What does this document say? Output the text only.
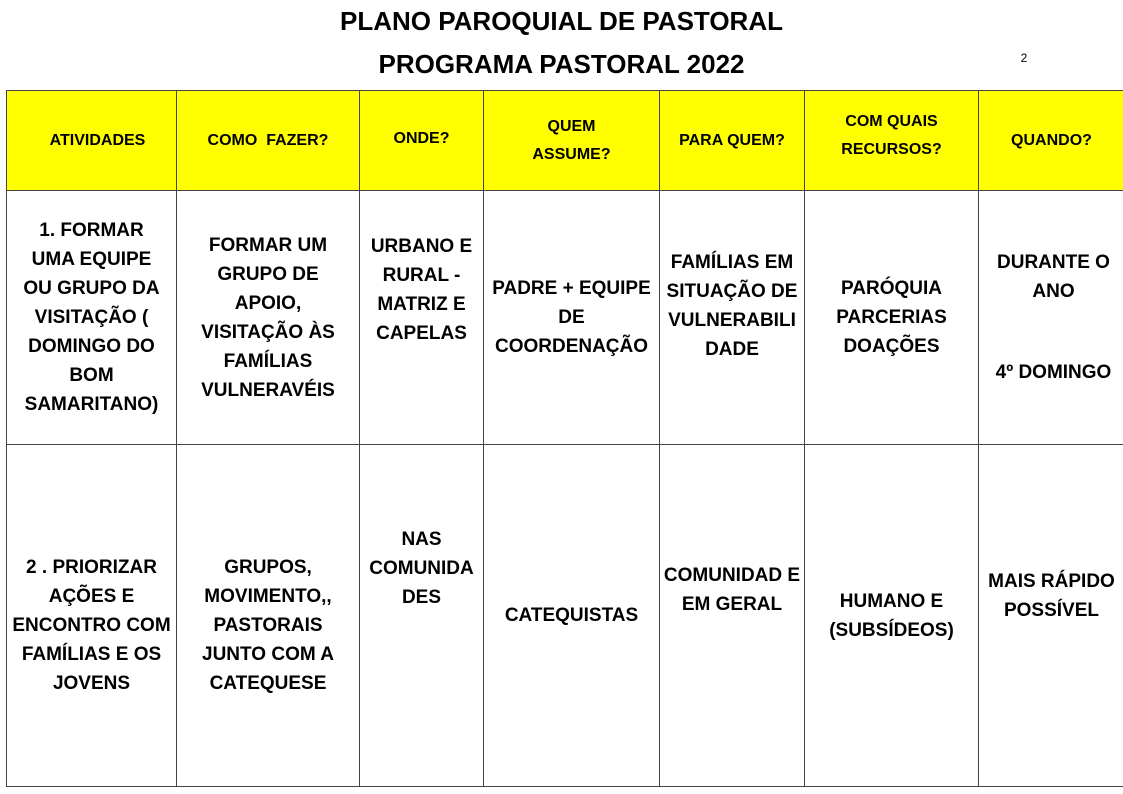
PLANO PAROQUIAL DE PASTORAL
PROGRAMA PASTORAL 2022	2
ATIVIDADES	COMO  FAZER?	ONDE?	QUEM ASSUME?	PARA QUEM?	COM QUAIS RECURSOS?	QUANDO?

1. FORMAR UMA EQUIPE OU GRUPO DA VISITAÇÃO ( DOMINGO DO BOM SAMARITANO)	FORMAR UM GRUPO DE APOIO, VISITAÇÃO ÀS FAMÍLIAS VULNERAVÉIS	URBANO E RURAL - MATRIZ E CAPELAS	PADRE + EQUIPE DE COORDENAÇÃO	FAMÍLIAS EM SITUAÇÃO DE VULNERABILI DADE	PARÓQUIA PARCERIAS DOAÇÕES	DURANTE O ANO
4º DOMINGO

2 . PRIORIZAR AÇÕES E ENCONTRO COM FAMÍLIAS E OS JOVENS	GRUPOS, MOVIMENTO,, PASTORAIS JUNTO COM A CATEQUESE	NAS COMUNIDA DES	CATEQUISTAS	COMUNIDAD E EM GERAL	HUMANO E (SUBSÍDEOS)	MAIS RÁPIDO POSSÍVEL
